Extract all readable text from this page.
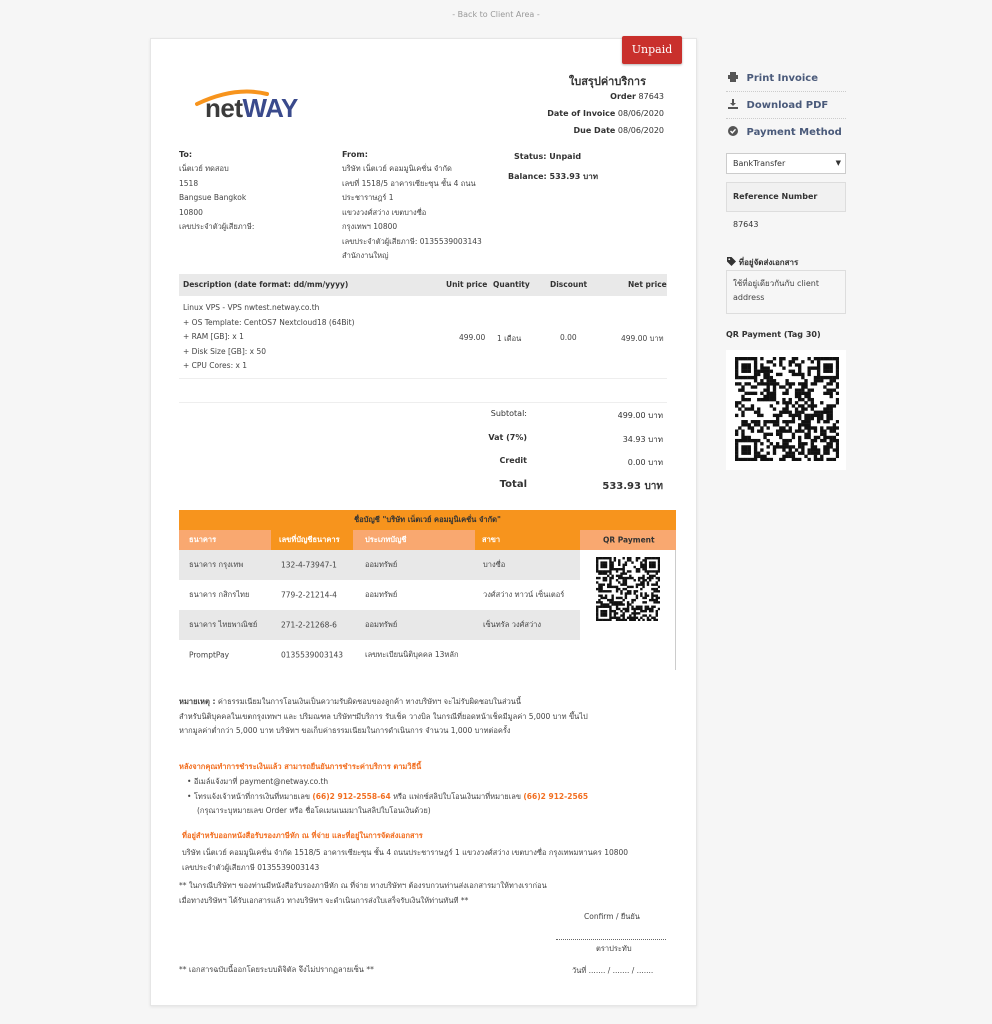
- Back to Client Area -
Unpaid
netWAY
ใบสรุปค่าบริการ
Order 87643
Date of Invoice 08/06/2020
Due Date 08/06/2020
To:
เน็ตเวย์ ทดสอบ
1518
Bangsue Bangkok
10800
เลขประจำตัวผู้เสียภาษี:
From:
บริษัท เน็ตเวย์ คอมมูนิเคชั่น จำกัด
เลขที่ 1518/5 อาคารเซียะซุน ชั้น 4 ถนน
ประชาราษฎร์ 1
แขวงวงศ์สว่าง เขตบางซื่อ
กรุงเทพฯ 10800
เลขประจำตัวผู้เสียภาษี: 0135539003143
สำนักงานใหญ่
Status: Unpaid
Balance: 533.93 บาท
Description (date format: dd/mm/yyyy)	Unit price Quantity	Discount	Net price
Linux VPS - VPS nwtest.netway.co.th
+ OS Template: CentOS7 Nextcloud18 (64Bit)
+ RAM [GB]: x 1
+ Disk Size [GB]: x 50
+ CPU Cores: x 1
499.00 1 เดือน	0.00	499.00 บาท
Subtotal:	499.00 บาท
Vat (7%)	34.93 บาท
Credit	0.00 บาท
Total	533.93 บาท
ชื่อบัญชี "บริษัท เน็ตเวย์ คอมมูนิเคชั่น จำกัด"
ธนาคาร	เลขที่บัญชีธนาคาร	ประเภทบัญชี	สาขา	QR Payment
ธนาคาร กรุงเทพ	132-4-73947-1	ออมทรัพย์	บางซื่อ
ธนาคาร กสิกรไทย	779-2-21214-4	ออมทรัพย์	วงศ์สว่าง ทาวน์ เซ็นเตอร์
ธนาคาร ไทยพาณิชย์	271-2-21268-6	ออมทรัพย์	เซ็นทรัล วงศ์สว่าง
PromptPay	0135539003143	เลขทะเบียนนิติบุคคล 13หลัก
หมายเหตุ : ค่าธรรมเนียมในการโอนเงินเป็นความรับผิดชอบของลูกค้า ทางบริษัทฯ จะไม่รับผิดชอบในส่วนนี้
สำหรับนิติบุคคลในเขตกรุงเทพฯ และ ปริมณฑล บริษัทฯมีบริการ รับเช็ค วางบิล ในกรณีที่ยอดหน้าเช็คมีมูลค่า 5,000 บาท ขึ้นไป
หากมูลค่าต่ำกว่า 5,000 บาท บริษัทฯ ขอเก็บค่าธรรมเนียมในการดำเนินการ จำนวน 1,000 บาทต่อครั้ง
หลังจากคุณทำการชำระเงินแล้ว สามารถยืนยันการชำระค่าบริการ ตามวิธีนี้
• อีเมล์แจ้งมาที่ payment@netway.co.th
• โทรแจ้งเจ้าหน้าที่การเงินที่หมายเลข (66)2 912-2558-64 หรือ แฟกซ์สลิปใบโอนเงินมาที่หมายเลข (66)2 912-2565
(กรุณาระบุหมายเลข Order หรือ ชื่อโดเมนเนมมาในสลิปใบโอนเงินด้วย)
ที่อยู่สำหรับออกหนังสือรับรองภาษีหัก ณ ที่จ่าย และที่อยู่ในการจัดส่งเอกสาร
บริษัท เน็ตเวย์ คอมมูนิเคชั่น จำกัด 1518/5 อาคารเซียะซุน ชั้น 4 ถนนประชาราษฎร์ 1 แขวงวงศ์สว่าง เขตบางซื่อ กรุงเทพมหานคร 10800
เลขประจำตัวผู้เสียภาษี 0135539003143
** ในกรณีบริษัทฯ ของท่านมีหนังสือรับรองภาษีหัก ณ ที่จ่าย ทางบริษัทฯ ต้องรบกวนท่านส่งเอกสารมาให้ทางเราก่อน
เมื่อทางบริษัทฯ ได้รับเอกสารแล้ว ทางบริษัทฯ จะดำเนินการส่งใบเสร็จรับเงินให้ท่านทันที **
Confirm / ยืนยัน
ตราประทับ
วันที่ ....... / ....... / .......
** เอกสารฉบับนี้ออกโดยระบบดิจิตัล จึงไม่ปรากฏลายเซ็น **
Print Invoice
Download PDF
Payment Method
BankTransfer	▼
Reference Number 87643
ที่อยู่จัดส่งเอกสาร
ใช้ที่อยู่เดียวกันกับ client address
QR Payment (Tag 30)
